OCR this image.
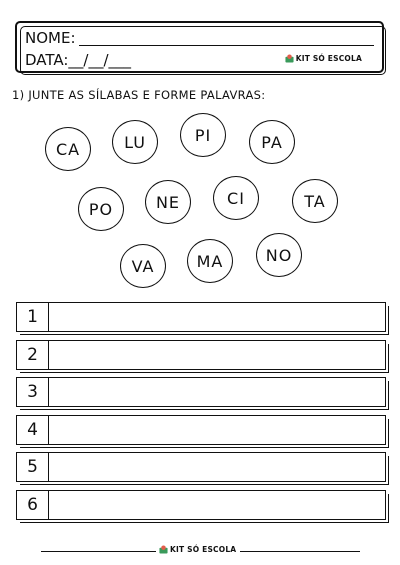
NOME:
DATA:__/__/___	KIT SÓ ESCOLA
1) JUNTE AS SÍLABAS E FORME PALAVRAS:
CA	LU	PI	PA
PO	NE	CI	TA
VA	MA	NO
1
2
3
4
5
6
KIT SÓ ESCOLA
